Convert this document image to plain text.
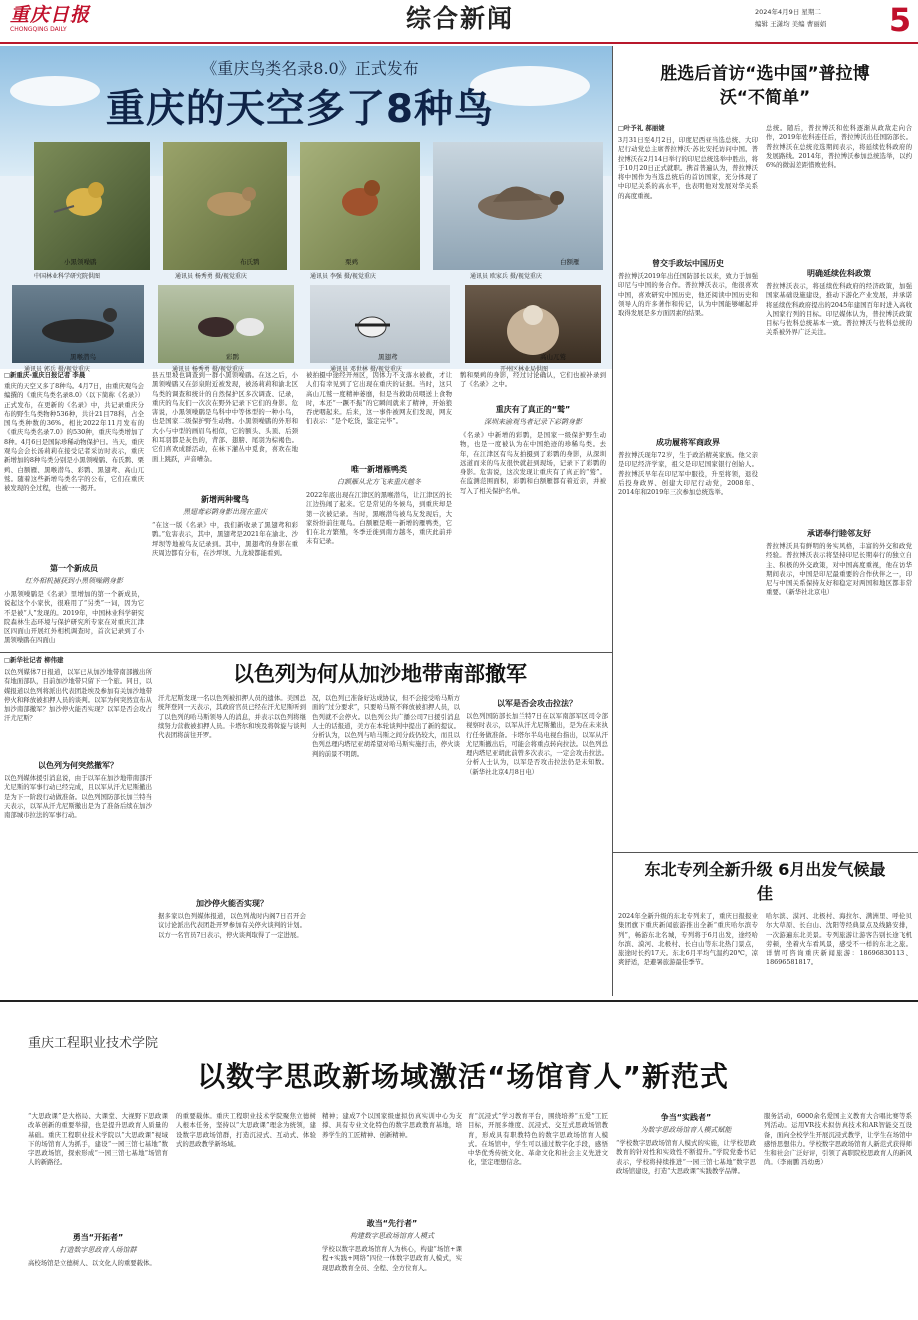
重庆日报
CHONGQING DAILY	综合新闻	2024年4月9日 星期二
编辑 王潇均 美编 曹丽娟	5
《重庆鸟类名录8.0》正式发布
重庆的天空多了8种鸟
小黑领噪鹛
中国林业科学研究院供图
布氏鹨
通讯员 杨秀勇 摄/视觉重庆
栗鹀
通讯员 李强 摄/视觉重庆
白额雁
通讯员 欧家兵 摄/视觉重庆
黑喉潜鸟
通讯员 郭兵 摄/视觉重庆
彩鹮
通讯员 杨秀勇 摄/视觉重庆
黑翅鸢
通讯员 邓世林 摄/视觉重庆
高山兀鹫
开州区林业局供图
□新重庆-重庆日报记者 李晨
重庆的天空又多了8种鸟。4月7日，由重庆观鸟会编撰的《重庆鸟类名录8.0》（以下简称《名录》）正式发布，在更新的《名录》中，共记录重庆分布的野生鸟类物种536种，共计21目78科，占全国鸟类种数的36%。相比2022年11月发布的《重庆鸟类名录7.0》的530种，重庆鸟类增加了8种。4月6日是国际珍稀动物保护日。当天，重庆观鸟会会长汤莉莉在接受记者采访时表示，重庆新增加的8种鸟类分别是小黑领噪鹛、布氏鹨、栗鹀、白额雁、黑喉潜鸟、彩鹮、黑翅鸢、高山兀鹫。随着这些新增鸟类名字的公布，它们在重庆被发现的全过程，也被一一揭开。
第一个新成员
红外相机捕获到小黑领噪鹛身影
小黑领噪鹛是《名录》里增加的第一个新成员，说起这个小家伙，很难用了“另类”一词，因为它不是被“人”发现的。2019年，中国林业科学研究院森林生态环境与保护研究所专家在对重庆江津区四面山开展红外相机调查时，首次记录到了小黑领噪鹛在四面山
县五里坡也调查到一群小黑领噪鹛。在这之后，小黑领噪鹛又在彭泉附近被发现，被汤莉莉和渝北区鸟类的调查和统计的自然保护区多次调查、记录，重庆的鸟友们一次次在野外记录下它们的身影。危害说，小黑领噪鹛是鸟科中中等体型的一种小鸟，也是国家二级保护野生动物。小黑领噪鹛的外形和大小与中型的画眉鸟相似，它的额头、头顶、后颈和耳羽都是灰色的，背部、翅膀、尾羽为棕褐色。它们喜欢成群活动，在林下灌丛中觅食，喜欢在地面上跳跃，声音嘈杂。
新增两种鹭鸟
黑翅鸢彩鹮身影出现在重庆
“在这一版《名录》中，我们新收录了黑翅鸢和彩鹮。”危害表示，其中，黑翅鸢是2021年在渝北、沙坪坝等地被鸟友记录到。其中，黑翅鸢的身影在重庆周边都有分布，在沙坪坝、九龙坡都能看到。
被拍摄中途经开州区，因体力不支落水被救，才让人们有幸见到了它出现在重庆的证据。当时，这只高山兀鹫一度精神萎靡，但是当救助员喂送上食物时，本还“一蹶不振”的它瞬间就来了精神，开始狼吞虎咽起来。后来，这一事件被网友们发现，网友们表示：“是个吃货，鉴定完毕”。
唯一新增雁鸭类
白额雁从北方飞来重庆越冬
2022年底出现在江津区的黑喉潜鸟，让江津区的长江边热闹了起来。它是常见的冬候鸟，到重庆却是第一次被记录。当时，黑喉潜鸟被鸟友发现后，大家纷纷前往观鸟。白额雁是唯一新增的雁鸭类，它们在北方繁殖，冬季迁徙到南方越冬，重庆此前并未有记录。
鹡和栗鹀的身影，经过讨论确认，它们也被补录到了《名录》之中。
重庆有了真正的“鹫”
深圳来渝观鸟者记录下彩鹮身影
《名录》中新增的彩鹮，是国家一级保护野生动物，也是一度被认为在中国绝迹的珍稀鸟类。去年，在江津区有鸟友拍摄到了彩鹮的身影，从深圳远道而来的鸟友很快就赶到现场，记录下了彩鹮的身影。危害说，这次发现让重庆有了真正的“鹫”。在监测范围面积，彩鹮和白额雁都有着近亲，并被写入了相关保护名单。
胜选后首访“选中国”普拉博沃“不简单”
□叶予礼 郝丽婕
3月31日至4月2日，印度尼西亚当选总统、大印尼行动党总主席普拉博沃·苏比安托访问中国。普拉博沃在2月14日举行的印尼总统选举中胜出，将于10月20日正式就职。携首普遍认为，普拉博沃将中国作为当选总统后的首访国家，充分体现了中印尼关系的高水平，也表明他对发展对华关系的高度重视。
曾交手政坛中国历史
普拉博沃2019年出任国防部长以来，致力于加强印尼与中国的务合作。普拉博沃表示，他很喜欢中国，喜欢研究中国历史，他还阅读中国历史和领导人的许多著作和传记，认为中国能够崛起并取得发展是多方面因素的结果。
成功履将军商政界
普拉博沃现年72岁，生于政治精英家族。他父亲是印尼经济学家，祖父是印尼国家银行创始人。普拉博沃早年在印尼军中服役，升至将领，退役后投身政界、创建大印尼行动党，2008年、2014年和2019年三次参加总统选举。
总统。随后，普拉博沃和佐科逐渐从政敌走向合作，2019年佐科连任后，普拉博沃出任国防部长。普拉博沃在总统竞选期间表示，将延续佐科政府的发展路线。2014年，普拉博沃参加总统选举，以约6%的微弱差距惜败佐科。
明确延续佐科政策
普拉博沃表示，将延续佐科政府的经济政策，加强国家基础设施建设，推动下游化产业发展，并承诺将延续佐科政府提出的2045年建国百年时进入高收入国家行列的目标。印尼媒体认为，普拉博沃政策目标与佐科总统基本一致。普拉博沃与佐科总统的关系被外界广泛关注。
承诺奉行睦邻友好
普拉博沃具有鲜明的务实风格，丰富的外交和政党经验。普拉博沃表示将坚持印尼长期奉行的独立自主、积极的外交政策，对中国高度重视，他在访华期间表示，中国是印尼最重要的合作伙伴之一，印尼与中国关系保持友好和稳定对两国和地区都非常重要。（新华社北京电）
□新华社记者 柳伟建
以色列为何从加沙地带南部撤军
以色列媒体7日报道，以军已从加沙地带南部撤出所有地面部队，目前加沙地带只留下一个旅。同日，以媒报道以色列将派出代表团赴埃及参加有关加沙地带停火和释放被扣押人员的谈判。以军为何突然宣布从加沙南部撤军？加沙停火能否实现？以军是否会攻占汗尤尼斯？
以色列为何突然撤军？
以色列媒体援引消息说，由于以军在加沙地带南部汗尤尼斯的军事行动已经完成，且以军从汗尤尼斯撤出是为下一阶段行动做准备。以色列国防部长加兰特当天表示，以军从汗尤尼斯撤出是为了准备后续在加沙南部城市拉法的军事行动。
汗尤尼斯发现一名以色列被扣押人员的遗体。美国总统拜登同一天表示，其政府官员已经在汗尤尼斯听到了以色列的哈马斯领导人的消息，并表示以色列将继续努力营救被扣押人员。卡塔尔和埃及将斡旋与谈判代表团将前往开罗。
加沙停火能否实现？
据多家以色列媒体报道，以色列战时内阁7日召开会议讨论派出代表团赴开罗参加有关停火谈判的计划。以方一名官员7日表示，停火谈判取得了一定进展。
况，以色列已准备好达成协议，但不会接受哈马斯方面的“过分要求”，只要哈马斯不释放被扣押人员，以色列就不会停火。以色列公共广播公司7日援引消息人士的话报道，美方在本轮谈判中提出了新的提议。分析认为，以色列与哈马斯之间分歧仍较大，而且以色列总理内塔尼亚胡希望对哈马斯实施打击，停火谈判的前景不明朗。
以军是否会攻击拉法？
以色列国防部长加兰特7日在以军南部军区司令部视察时表示，以军从汗尤尼斯撤出，是为在未来执行任务做准备。卡塔尔半岛电视台指出，以军从汗尤尼斯撤出后，可能会将重点转向拉法。以色列总理内塔尼亚胡此前曾多次表示，一定会攻击拉法。分析人士认为，以军是否攻击拉法仍是未知数。（新华社北京4月8日电）
东北专列全新升级 6月出发气候最佳
2024年全新升级的东北专列来了，重庆日报报业集团旗下重庆新闻旅游推出全新“重庆哈尔滨专列”，畅游东北名城，专列将于6月出发，途经哈尔滨、漠河、北极村、长白山等东北热门景点，旅途时长约17天。东北6月平均气温约20℃，凉爽舒适，是避暑旅游最佳季节。
哈尔滨、漠河、北极村、海拉尔、满洲里、呼伦贝尔大草原、长白山、沈阳等经典景点及线路安排，一次游遍东北美景。专列旅游让游客告别长途飞机劳顿，坐着火车看风景，感受不一样的东北之旅。详情可咨询重庆新闻旅游：18696830113、18696581817。
重庆工程职业技术学院
以数字思政新场域激活“场馆育人”新范式
“大思政课”是大格局、大课堂、大视野下思政课改革创新的重要举措，也是提升思政育人质量的基础。重庆工程职业技术学院以“大思政课”视域下的场馆育人为抓手，建设“一园三馆七基地”数字思政场馆，探索形成“一园三馆七基地”场馆育人的新路径。
勇当“开拓者”
打造数字思政育人场馆群
高校场馆是立德树人、以文化人的重要载体。
的重要载体。重庆工程职业技术学院聚焦立德树人根本任务，坚持以“大思政课”理念为统领，建设数字思政场馆群，打造沉浸式、互动式、体验式的思政教学新场域。
精神；建成7个以国家级虚拟仿真实训中心为支撑、具有专业文化特色的数字思政教育基地，培养学生的工匠精神、创新精神。
敢当“先行者”
构建数字思政场馆育人模式
学校以数字思政场馆育人为核心，构建“场馆+课程+实践+网络”四位一体数字思政育人模式，实现思政教育全员、全程、全方位育人。
育“沉浸式”学习教育平台，围绕培养“五爱”工匠目标，开展多维度、沉浸式、交互式思政场馆教育，形成具有职教特色的数字思政场馆育人模式。在场馆中，学生可以通过数字化手段，感悟中华优秀传统文化、革命文化和社会主义先进文化，坚定理想信念。
争当“实践者”
为数字思政场馆育人模式赋能
“学校数字思政场馆育人模式的实施，让学校思政教育的针对性和实效性不断提升。”学院党委书记表示，学校将持续推进“一园三馆七基地”数字思政场馆建设，打造“大思政课”实践教学品牌。
服务活动，6000余名爱国主义教育大合唱比赛等系列活动。运用VR技术拟仿真技术和AR智能交互设备，面向全校学生开展沉浸式教学，让学生在场馆中感悟思想伟力。学校数字思政场馆育人新范式获得师生和社会广泛好评，引领了高职院校思政育人的新风尚。（李雨鹏 冯幼勇）
